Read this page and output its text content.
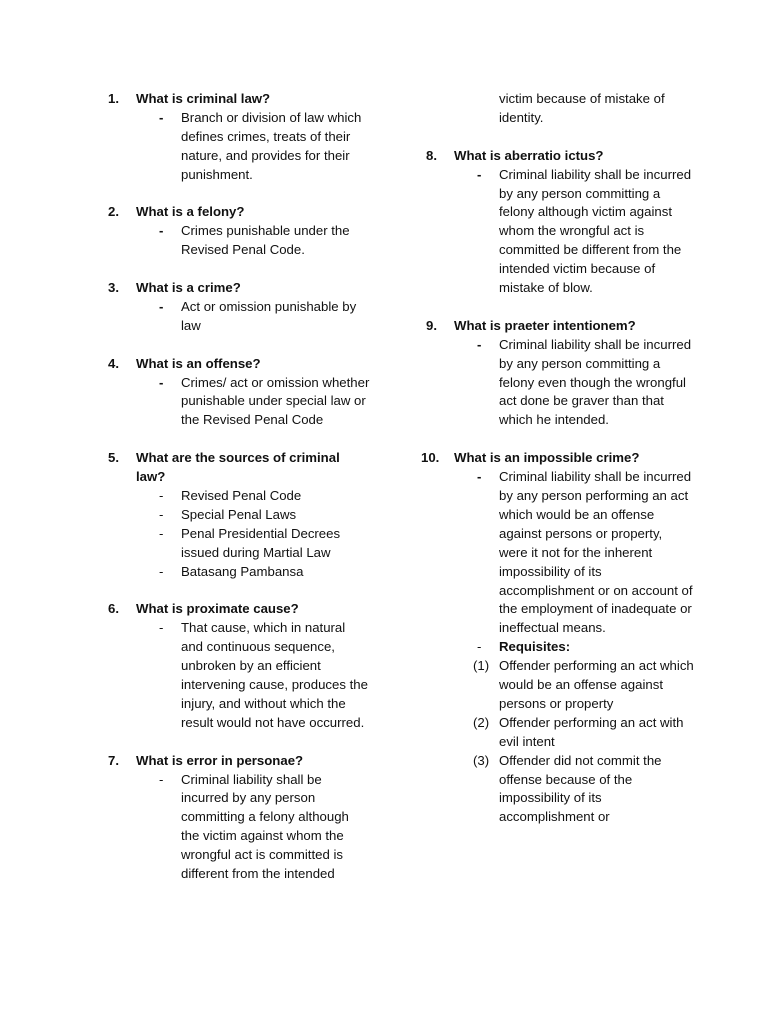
1. What is criminal law?
- Branch or division of law which defines crimes, treats of their nature, and provides for their punishment.
2. What is a felony?
- Crimes punishable under the Revised Penal Code.
3. What is a crime?
- Act or omission punishable by law
4. What is an offense?
- Crimes/ act or omission whether punishable under special law or the Revised Penal Code
5. What are the sources of criminal law?
- Revised Penal Code
- Special Penal Laws
- Penal Presidential Decrees issued during Martial Law
- Batasang Pambansa
6. What is proximate cause?
- That cause, which in natural and continuous sequence, unbroken by an efficient intervening cause, produces the injury, and without which the result would not have occurred.
7. What is error in personae?
- Criminal liability shall be incurred by any person committing a felony although the victim against whom the wrongful act is committed is different from the intended
victim because of mistake of identity.
8. What is aberratio ictus?
- Criminal liability shall be incurred by any person committing a felony although victim against whom the wrongful act is committed be different from the intended victim because of mistake of blow.
9. What is praeter intentionem?
- Criminal liability shall be incurred by any person committing a felony even though the wrongful act done be graver than that which he intended.
10. What is an impossible crime?
- Criminal liability shall be incurred by any person performing an act which would be an offense against persons or property, were it not for the inherent impossibility of its accomplishment or on account of the employment of inadequate or ineffectual means.
- Requisites:
(1) Offender performing an act which would be an offense against persons or property
(2) Offender performing an act with evil intent
(3) Offender did not commit the offense because of the impossibility of its accomplishment or
